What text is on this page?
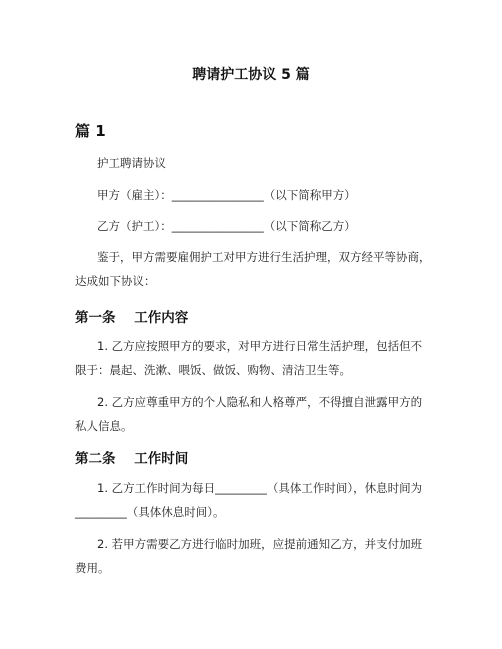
聘请护工协议 5 篇
篇 1
护工聘请协议
甲方（雇主）：________________（以下简称甲方）
乙方（护工）：________________（以下简称乙方）
鉴于，甲方需要雇佣护工对甲方进行生活护理，双方经平等协商，
达成如下协议：
第一条    工作内容
1. 乙方应按照甲方的要求，对甲方进行日常生活护理，包括但不
限于：晨起、洗漱、喂饭、做饭、购物、清洁卫生等。
2. 乙方应尊重甲方的个人隐私和人格尊严，不得擅自泄露甲方的
私人信息。
第二条    工作时间
1. 乙方工作时间为每日_________（具体工作时间），休息时间为
_________（具体休息时间）。
2. 若甲方需要乙方进行临时加班，应提前通知乙方，并支付加班
费用。
